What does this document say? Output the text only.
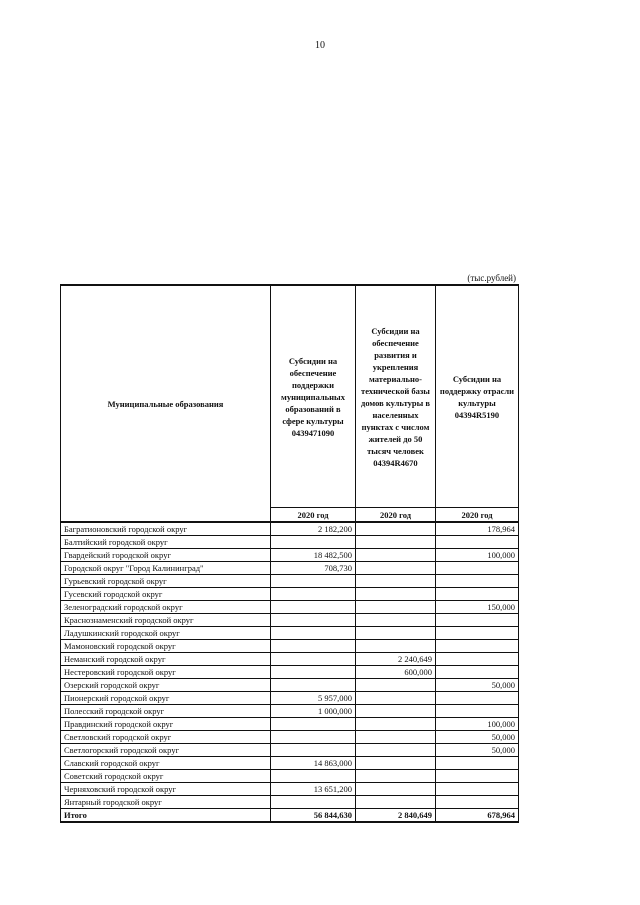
10
(тыс.рублей)
Муниципальные образования	Субсидии на обеспечение поддержки муниципальных образований в сфере культуры 0439471090	Субсидии на обеспечение развития и укрепления материально-технической базы домов культуры в населенных пунктах с числом жителей до 50 тысяч человек 04394R4670	Субсидии на поддержку отрасли культуры 04394R5190
	2020 год	2020 год	2020 год
Багратионовский городской округ	2 182,200		178,964
Балтийский городской округ			
Гвардейский городской округ	18 482,500		100,000
Городской округ "Город Калининград"	708,730		
Гурьевский городской округ			
Гусевский городской округ			
Зеленоградский городской округ			150,000
Краснознаменский городской округ			
Ладушкинский городской округ			
Мамоновский городской округ			
Неманский городской округ		2 240,649	
Нестеровский городской округ		600,000	
Озерский городской округ			50,000
Пионерский городской округ	5 957,000		
Полесский городской округ	1 000,000		
Правдинский городской округ			100,000
Светловский городской округ			50,000
Светлогорский городской округ			50,000
Славский городской округ	14 863,000		
Советский городской округ			
Черняховский городской округ	13 651,200		
Янтарный городской округ			
Итого	56 844,630	2 840,649	678,964
